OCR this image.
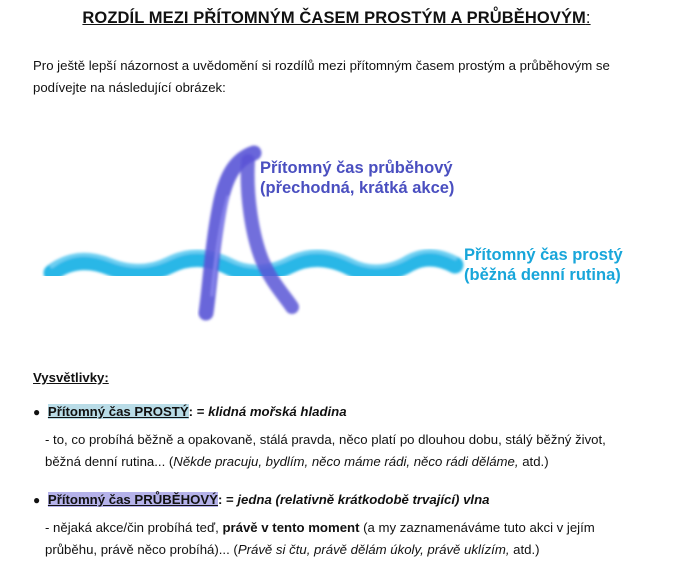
ROZDÍL MEZI PŘÍTOMNÝM ČASEM PROSTÝM A PRŮBĚHOVÝM:
Pro ještě lepší názornost a uvědomění si rozdílů mezi přítomným časem prostým a průběhovým se podívejte na následující obrázek:
Přítomný čas průběhový
(přechodná, krátká akce)
Přítomný čas prostý
(běžná denní rutina)
Vysvětlivky:
● Přítomný čas PROSTÝ: = klidná mořská hladina
- to, co probíhá běžně a opakovaně, stálá pravda, něco platí po dlouhou dobu, stálý běžný život, běžná denní rutina... (Někde pracuju, bydlím, něco máme rádi, něco rádi děláme, atd.)
● Přítomný čas PRŮBĚHOVÝ: = jedna (relativně krátkodobě trvající) vlna
- nějaká akce/čin probíhá teď, právě v tento moment (a my zaznamenáváme tuto akci v jejím průběhu, právě něco probíhá)... (Právě si čtu, právě dělám úkoly, právě uklízím, atd.)
